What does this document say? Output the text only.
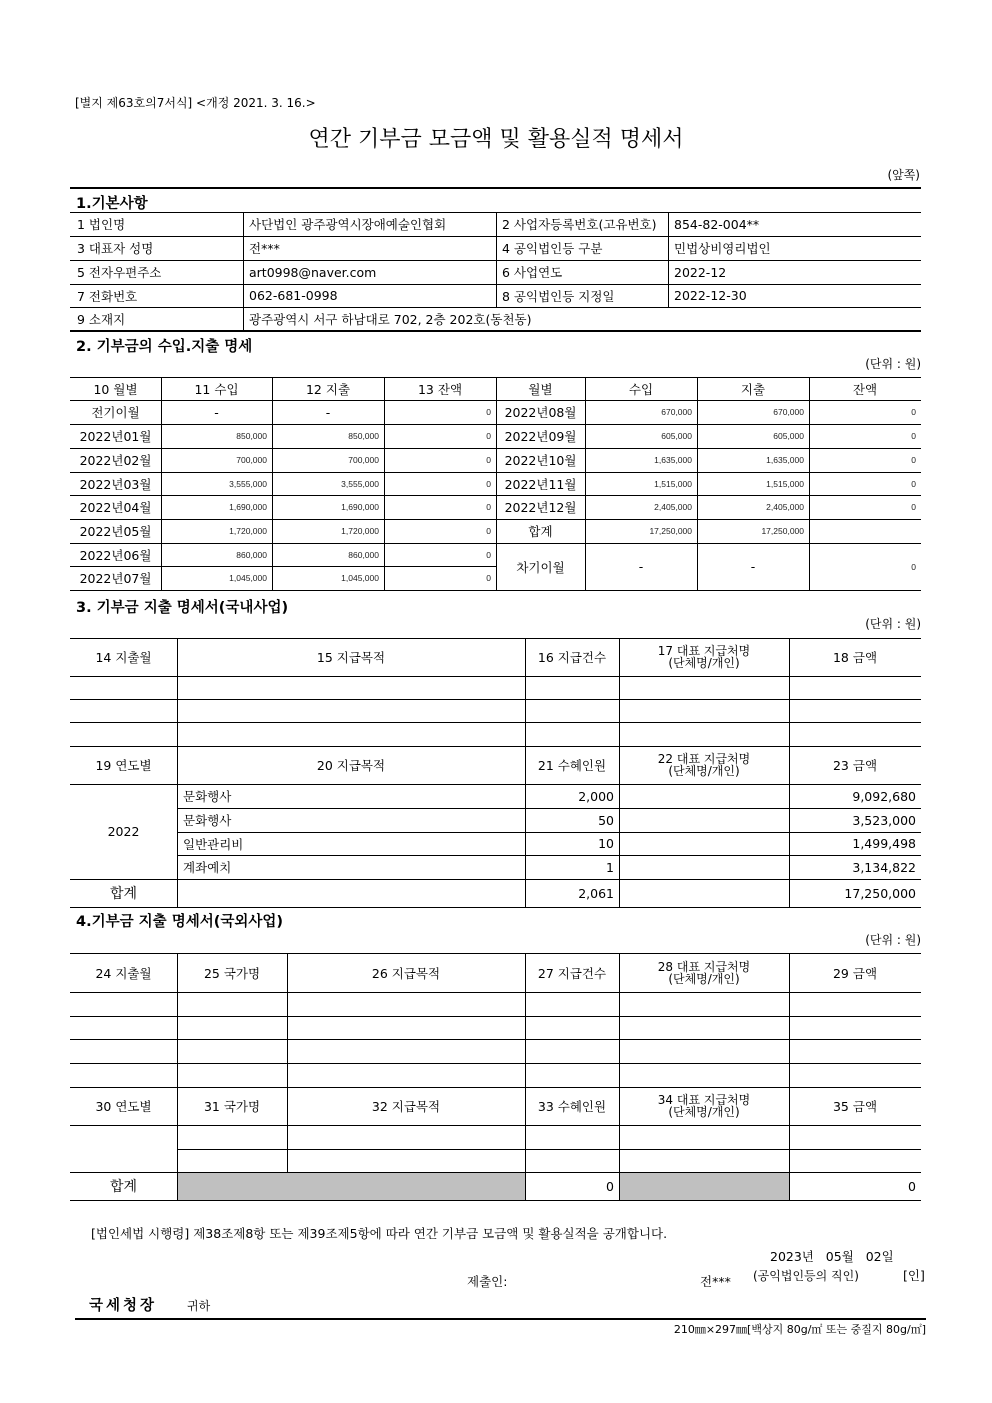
[별지 제63호의7서식] <개정 2021. 3. 16.>
연간 기부금 모금액 및 활용실적 명세서
(앞쪽)
1.기본사항
1 법인명	사단법인 광주광역시장애예술인협회	2 사업자등록번호(고유번호)	854-82-004**
3 대표자 성명	전***	4 공익법인등 구분	민법상비영리법인
5 전자우편주소	art0998@naver.com	6 사업연도	2022-12
7 전화번호	062-681-0998	8 공익법인등 지정일	2022-12-30
9 소재지	광주광역시 서구 하남대로 702, 2층 202호(동천동)
2. 기부금의 수입.지출 명세
(단위 : 원)
10 월별	11 수입	12 지출	13 잔액	월별	수입	지출	잔액
전기이월	-	-	0
2022년01월	850,000	850,000	0
2022년02월	700,000	700,000	0
2022년03월	3,555,000	3,555,000	0
2022년04월	1,690,000	1,690,000	0
2022년05월	1,720,000	1,720,000	0
2022년06월	860,000	860,000	0
2022년07월	1,045,000	1,045,000	0
2022년08월	670,000	670,000	0
2022년09월	605,000	605,000	0
2022년10월	1,635,000	1,635,000	0
2022년11월	1,515,000	1,515,000	0
2022년12월	2,405,000	2,405,000	0
합계	17,250,000	17,250,000
차기이월	-	-	0
3. 기부금 지출 명세서(국내사업)
(단위 : 원)
14 지출월	15 지급목적	16 지급건수	17 대표 지급처명
(단체명/개인)	18 금액
19 연도별	20 지급목적	21 수혜인원	22 대표 지급처명
(단체명/개인)	23 금액
2022
문화행사	2,000	9,092,680
문화행사	50	3,523,000
일반관리비	10	1,499,498
계좌예치	1	3,134,822
합계	2,061	17,250,000
4.기부금 지출 명세서(국외사업)
(단위 : 원)
24 지출월	25 국가명	26 지급목적	27 지급건수	28 대표 지급처명
(단체명/개인)	29 금액
30 연도별	31 국가명	32 지급목적	33 수혜인원	34 대표 지급처명
(단체명/개인)	35 금액
합계	0	0
[법인세법 시행령] 제38조제8항 또는 제39조제5항에 따라 연간 기부금 모금액 및 활용실적을 공개합니다.
2023년   05월   02일
제출인:	전*** (공익법인등의 직인)	[인]
국세청장 귀하
210㎜×297㎜[백상지 80g/㎡ 또는 중질지 80g/㎡]
